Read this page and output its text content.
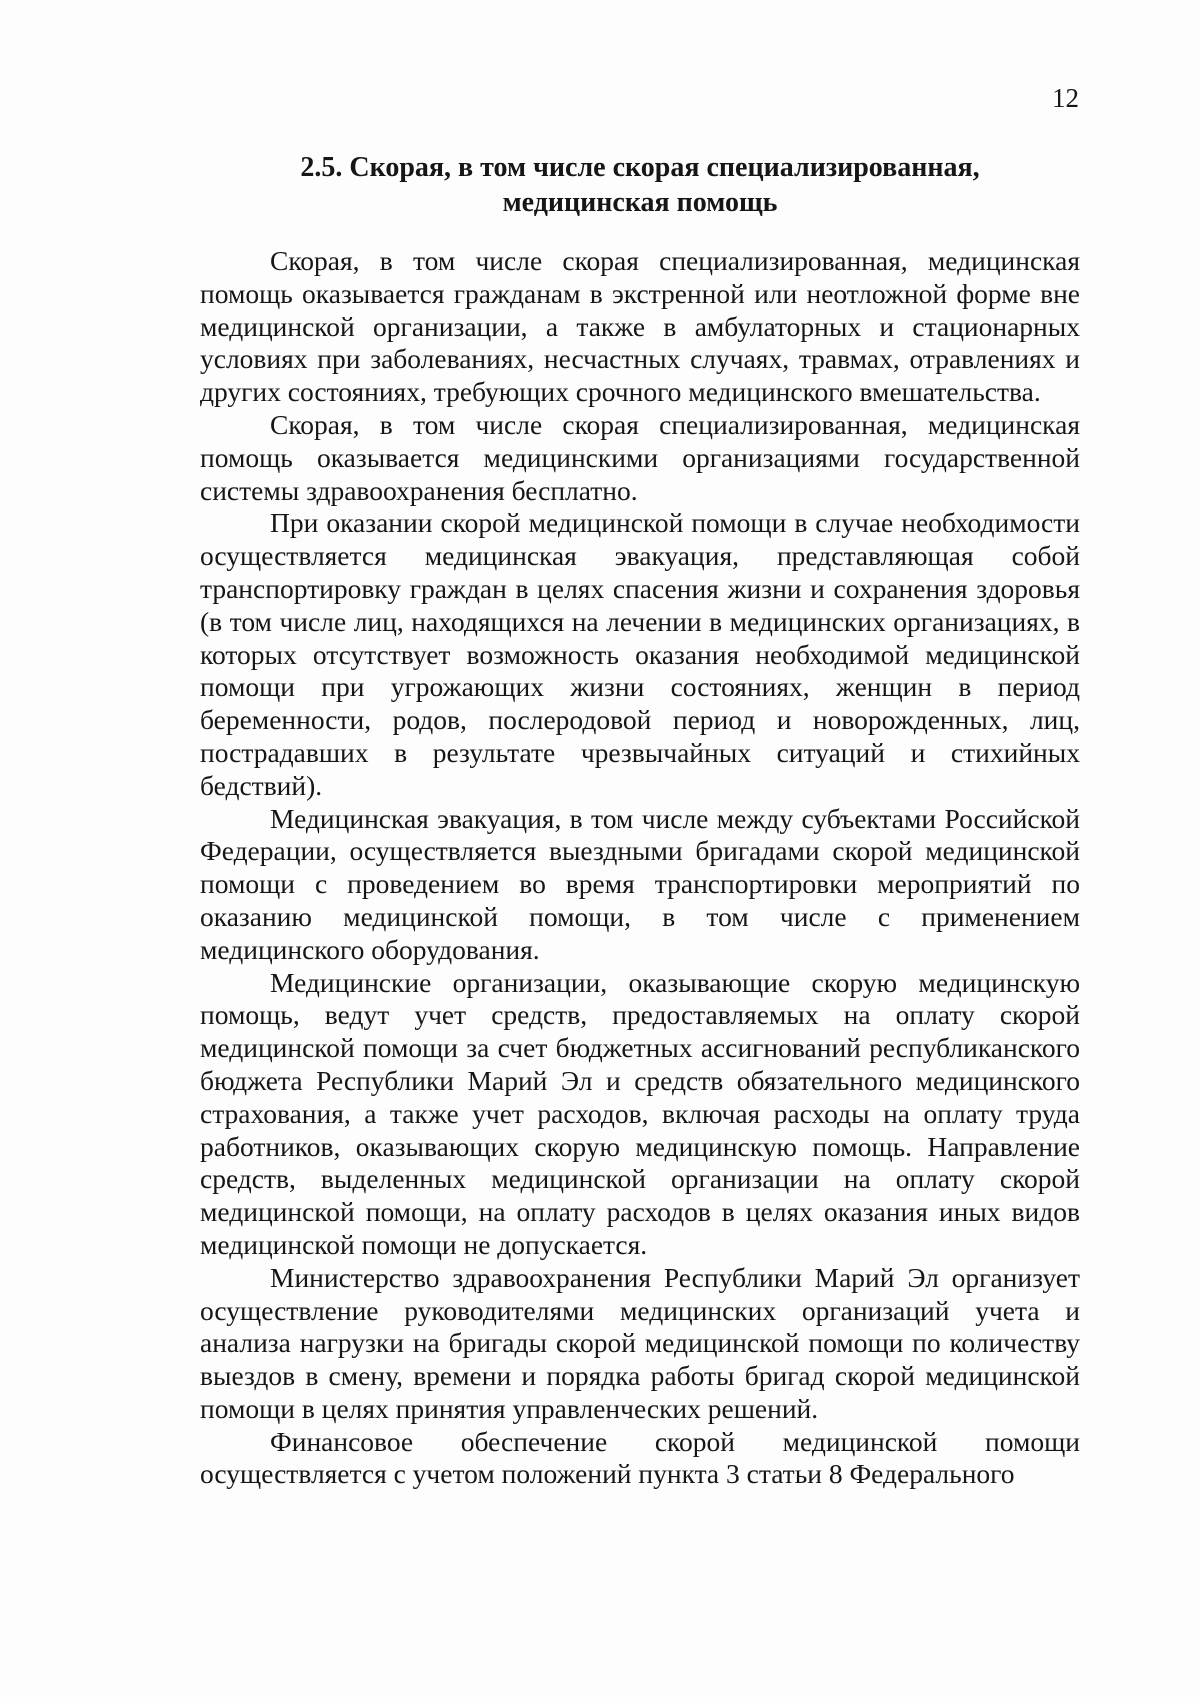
12
2.5. Скорая, в том числе скорая специализированная,
медицинская помощь

Скорая, в том числе скорая специализированная, медицинская помощь оказывается гражданам в экстренной или неотложной форме вне медицинской организации, а также в амбулаторных и стационарных условиях при заболеваниях, несчастных случаях, травмах, отравлениях и других состояниях, требующих срочного медицинского вмешательства.

Скорая, в том числе скорая специализированная, медицинская помощь оказывается медицинскими организациями государственной системы здравоохранения бесплатно.

При оказании скорой медицинской помощи в случае необходимости осуществляется медицинская эвакуация, представляющая собой транспортировку граждан в целях спасения жизни и сохранения здоровья (в том числе лиц, находящихся на лечении в медицинских организациях, в которых отсутствует возможность оказания необходимой медицинской помощи при угрожающих жизни состояниях, женщин в период беременности, родов, послеродовой период и новорожденных, лиц, пострадавших в результате чрезвычайных ситуаций и стихийных бедствий).

Медицинская эвакуация, в том числе между субъектами Российской Федерации, осуществляется выездными бригадами скорой медицинской помощи с проведением во время транспортировки мероприятий по оказанию медицинской помощи, в том числе с применением медицинского оборудования.

Медицинские организации, оказывающие скорую медицинскую помощь, ведут учет средств, предоставляемых на оплату скорой медицинской помощи за счет бюджетных ассигнований республиканского бюджета Республики Марий Эл и средств обязательного медицинского страхования, а также учет расходов, включая расходы на оплату труда работников, оказывающих скорую медицинскую помощь. Направление средств, выделенных медицинской организации на оплату скорой медицинской помощи, на оплату расходов в целях оказания иных видов медицинской помощи не допускается.

Министерство здравоохранения Республики Марий Эл организует осуществление руководителями медицинских организаций учета и анализа нагрузки на бригады скорой медицинской помощи по количеству выездов в смену, времени и порядка работы бригад скорой медицинской помощи в целях принятия управленческих решений.

Финансовое обеспечение скорой медицинской помощи осуществляется с учетом положений пункта 3 статьи 8 Федерального
